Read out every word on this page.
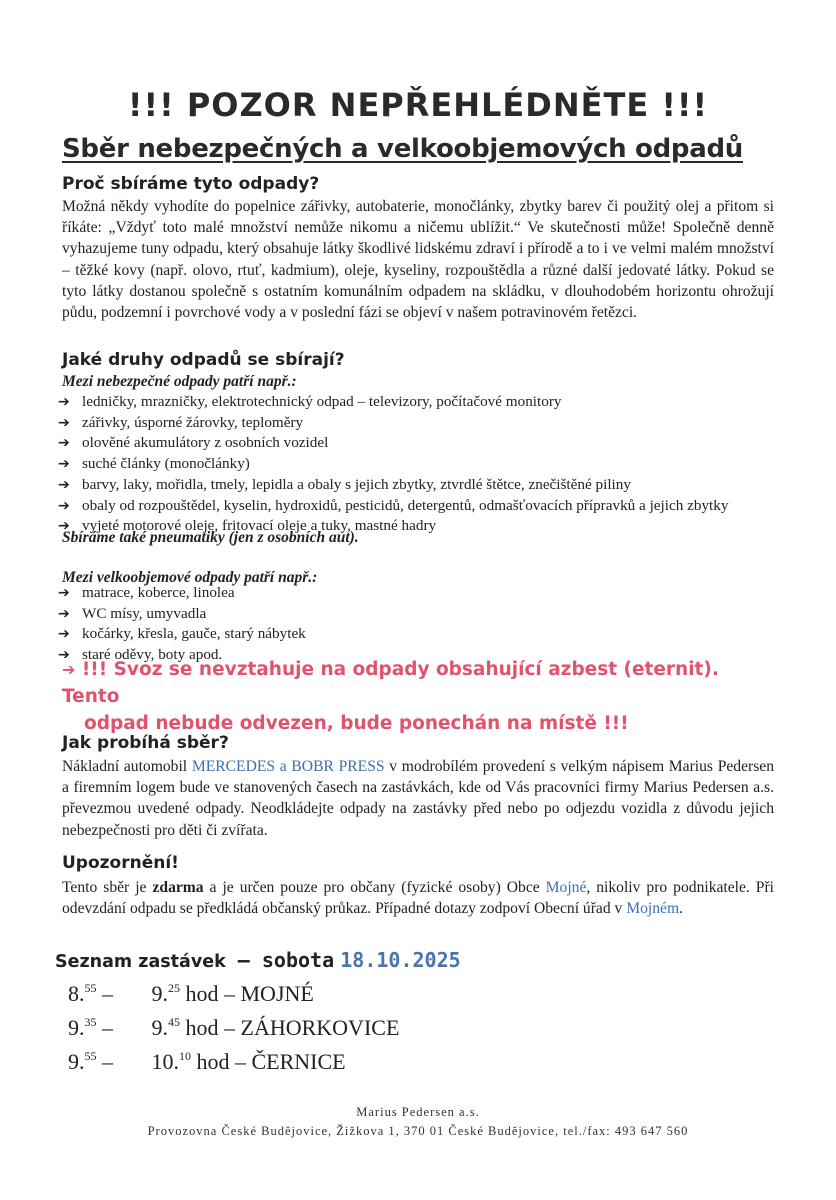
!!! POZOR NEPŘEHLÉDNĚTE !!!
Sběr nebezpečných a velkoobjemových odpadů
Proč sbíráme tyto odpady?
Možná někdy vyhodíte do popelnice zářivky, autobaterie, monočlánky, zbytky barev či použitý olej a přitom si říkáte: „Vždyť toto malé množství nemůže nikomu a ničemu ublížit.“ Ve skutečnosti může! Společně denně vyhazujeme tuny odpadu, který obsahuje látky škodlivé lidskému zdraví i přírodě a to i ve velmi malém množství – těžké kovy (např. olovo, rtuť, kadmium), oleje, kyseliny, rozpouštědla a různé další jedovaté látky. Pokud se tyto látky dostanou společně s ostatním komunálním odpadem na skládku, v dlouhodobém horizontu ohrožují půdu, podzemní i povrchové vody a v poslední fázi se objeví v našem potravinovém řetězci.
Jaké druhy odpadů se sbírají?
Mezi nebezpečné odpady patří např.:
➔ ledničky, mrazničky, elektrotechnický odpad – televizory, počítačové monitory
➔ zářivky, úsporné žárovky, teploměry
➔ olověné akumulátory z osobních vozidel
➔ suché články (monočlánky)
➔ barvy, laky, mořidla, tmely, lepidla a obaly s jejich zbytky, ztvrdlé štětce, znečištěné piliny
➔ obaly od rozpouštědel, kyselin, hydroxidů, pesticidů, detergentů, odmašťovacích přípravků a jejich zbytky
➔ vyjeté motorové oleje, fritovací oleje a tuky, mastné hadry
Sbíráme také pneumatiky (jen z osobních aut).
Mezi velkoobjemové odpady patří např.:
➔ matrace, koberce, linolea
➔ WC mísy, umyvadla
➔ kočárky, křesla, gauče, starý nábytek
➔ staré oděvy, boty apod.
➔ !!! Svoz se nevztahuje na odpady obsahující azbest (eternit). Tento
odpad nebude odvezen, bude ponechán na místě !!!
Jak probíhá sběr?
Nákladní automobil MERCEDES a BOBR PRESS v modrobílém provedení s velkým nápisem Marius Pedersen a firemním logem bude ve stanovených časech na zastávkách, kde od Vás pracovníci firmy Marius Pedersen a.s. převezmou uvedené odpady. Neodkládejte odpady na zastávky před nebo po odjezdu vozidla z důvodu jejich nebezpečnosti pro děti či zvířata.
Upozornění!
Tento sběr je zdarma a je určen pouze pro občany (fyzické osoby) Obce Mojné, nikoliv pro podnikatele. Při odevzdání odpadu se předkládá občanský průkaz. Případné dotazy zodpoví Obecní úřad v Mojném.
Seznam zastávek – sobota 18.10.2025
8.55 – 9.25 hod – MOJNÉ
9.35 – 9.45 hod – ZÁHORKOVICE
9.55 – 10.10 hod – ČERNICE
Marius Pedersen a.s.
Provozovna České Budějovice, Žižkova 1, 370 01 České Budějovice, tel./fax: 493 647 560
